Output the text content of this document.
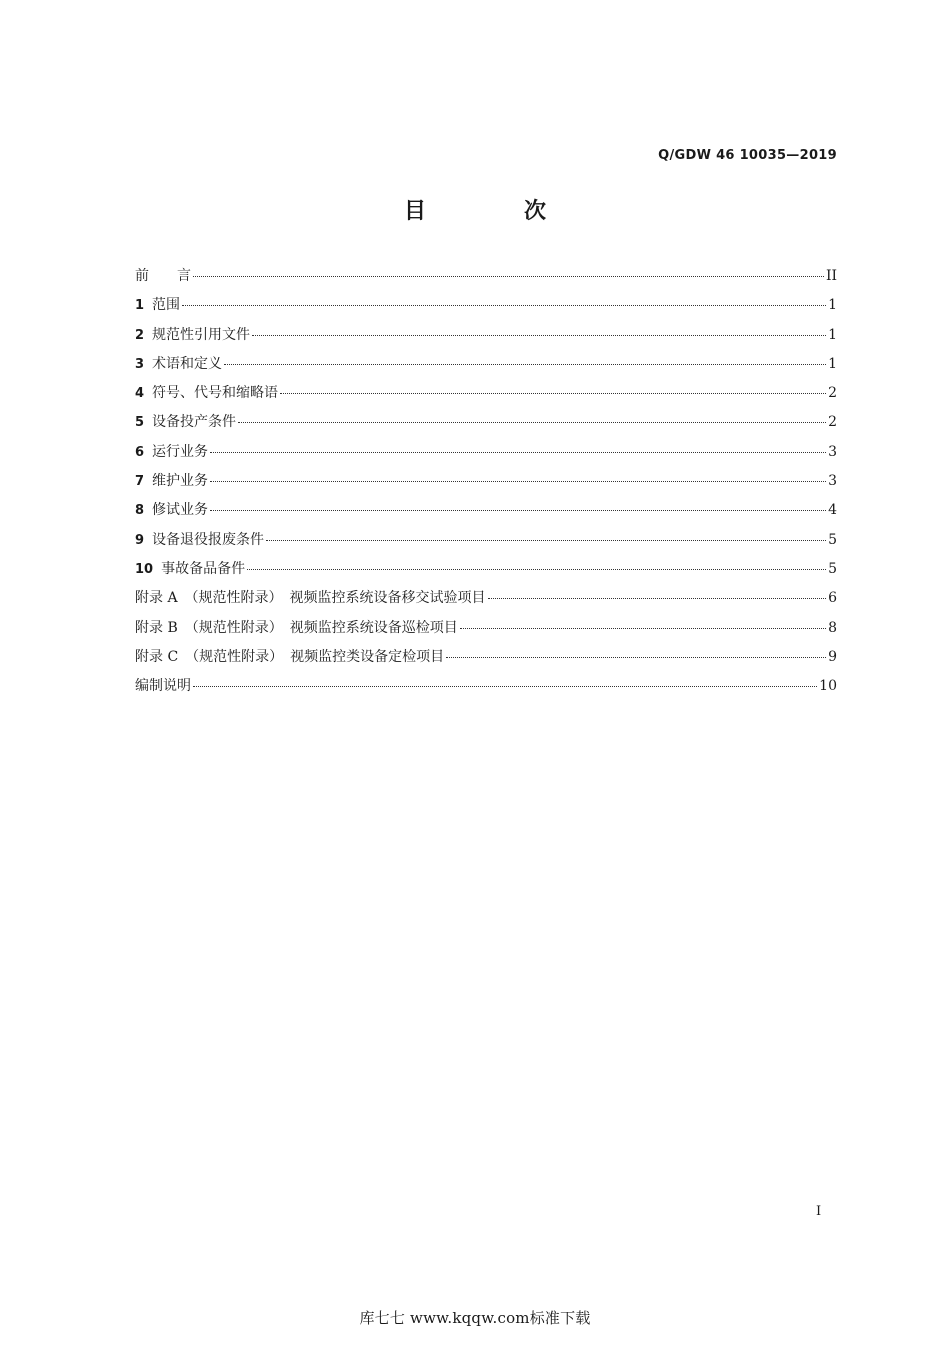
Q/GDW 46 10035—2019
目　次
前　　言	II
1 范围	1
2 规范性引用文件	1
3 术语和定义	1
4 符号、代号和缩略语	2
5 设备投产条件	2
6 运行业务	3
7 维护业务	3
8 修试业务	4
9 设备退役报废条件	5
10 事故备品备件	5
附录 A　（规范性附录）　视频监控系统设备移交试验项目	6
附录 B　（规范性附录）　视频监控系统设备巡检项目	8
附录 C　（规范性附录）　视频监控类设备定检项目	9
编制说明	10
I
库七七 www.kqqw.com标准下载
